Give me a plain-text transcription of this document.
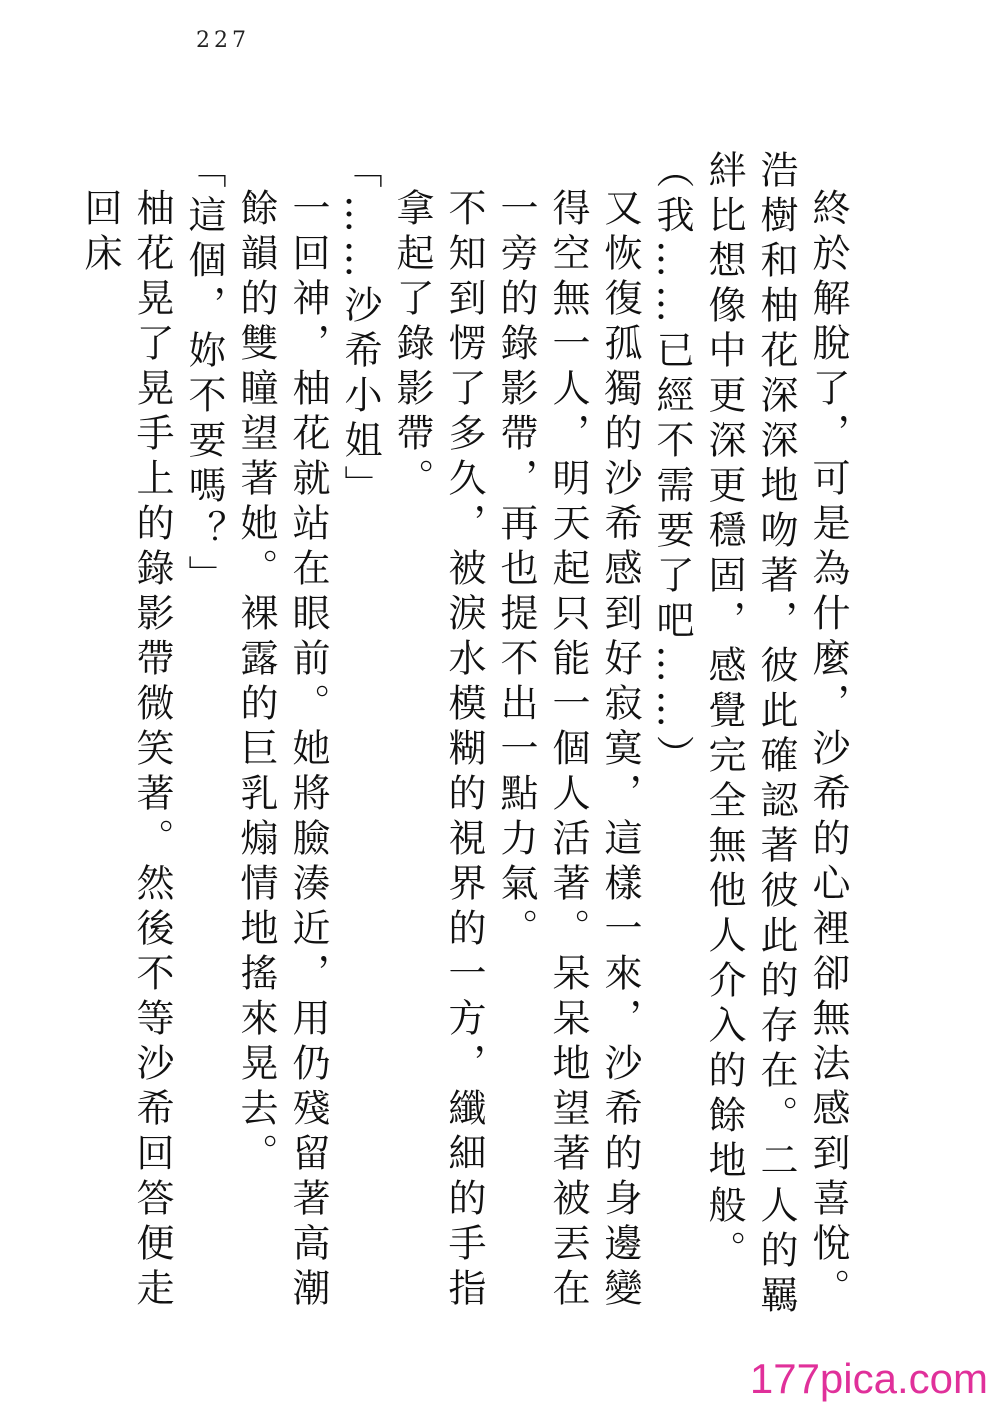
227

終於解脫了，可是為什麼，沙希的心裡卻無法感到喜悅。

浩樹和柚花深深地吻著，彼此確認著彼此的存在。二人的羈絆比想像中更深更穩固，感覺完全無他人介入的餘地般。

（我……已經不需要了吧……）

又恢復孤獨的沙希感到好寂寞，這樣一來，沙希的身邊變得空無一人，明天起只能一個人活著。呆呆地望著被丟在一旁的錄影帶，再也提不出一點力氣。

不知到愣了多久，被淚水模糊的視界的一方，纖細的手指拿起了錄影帶。

「……沙希小姐」

一回神，柚花就站在眼前。她將臉湊近，用仍殘留著高潮餘韻的雙瞳望著她。裸露的巨乳煽情地搖來晃去。

「這個，妳不要嗎？」

柚花晃了晃手上的錄影帶微笑著。然後不等沙希回答便走回床

177pica.com
